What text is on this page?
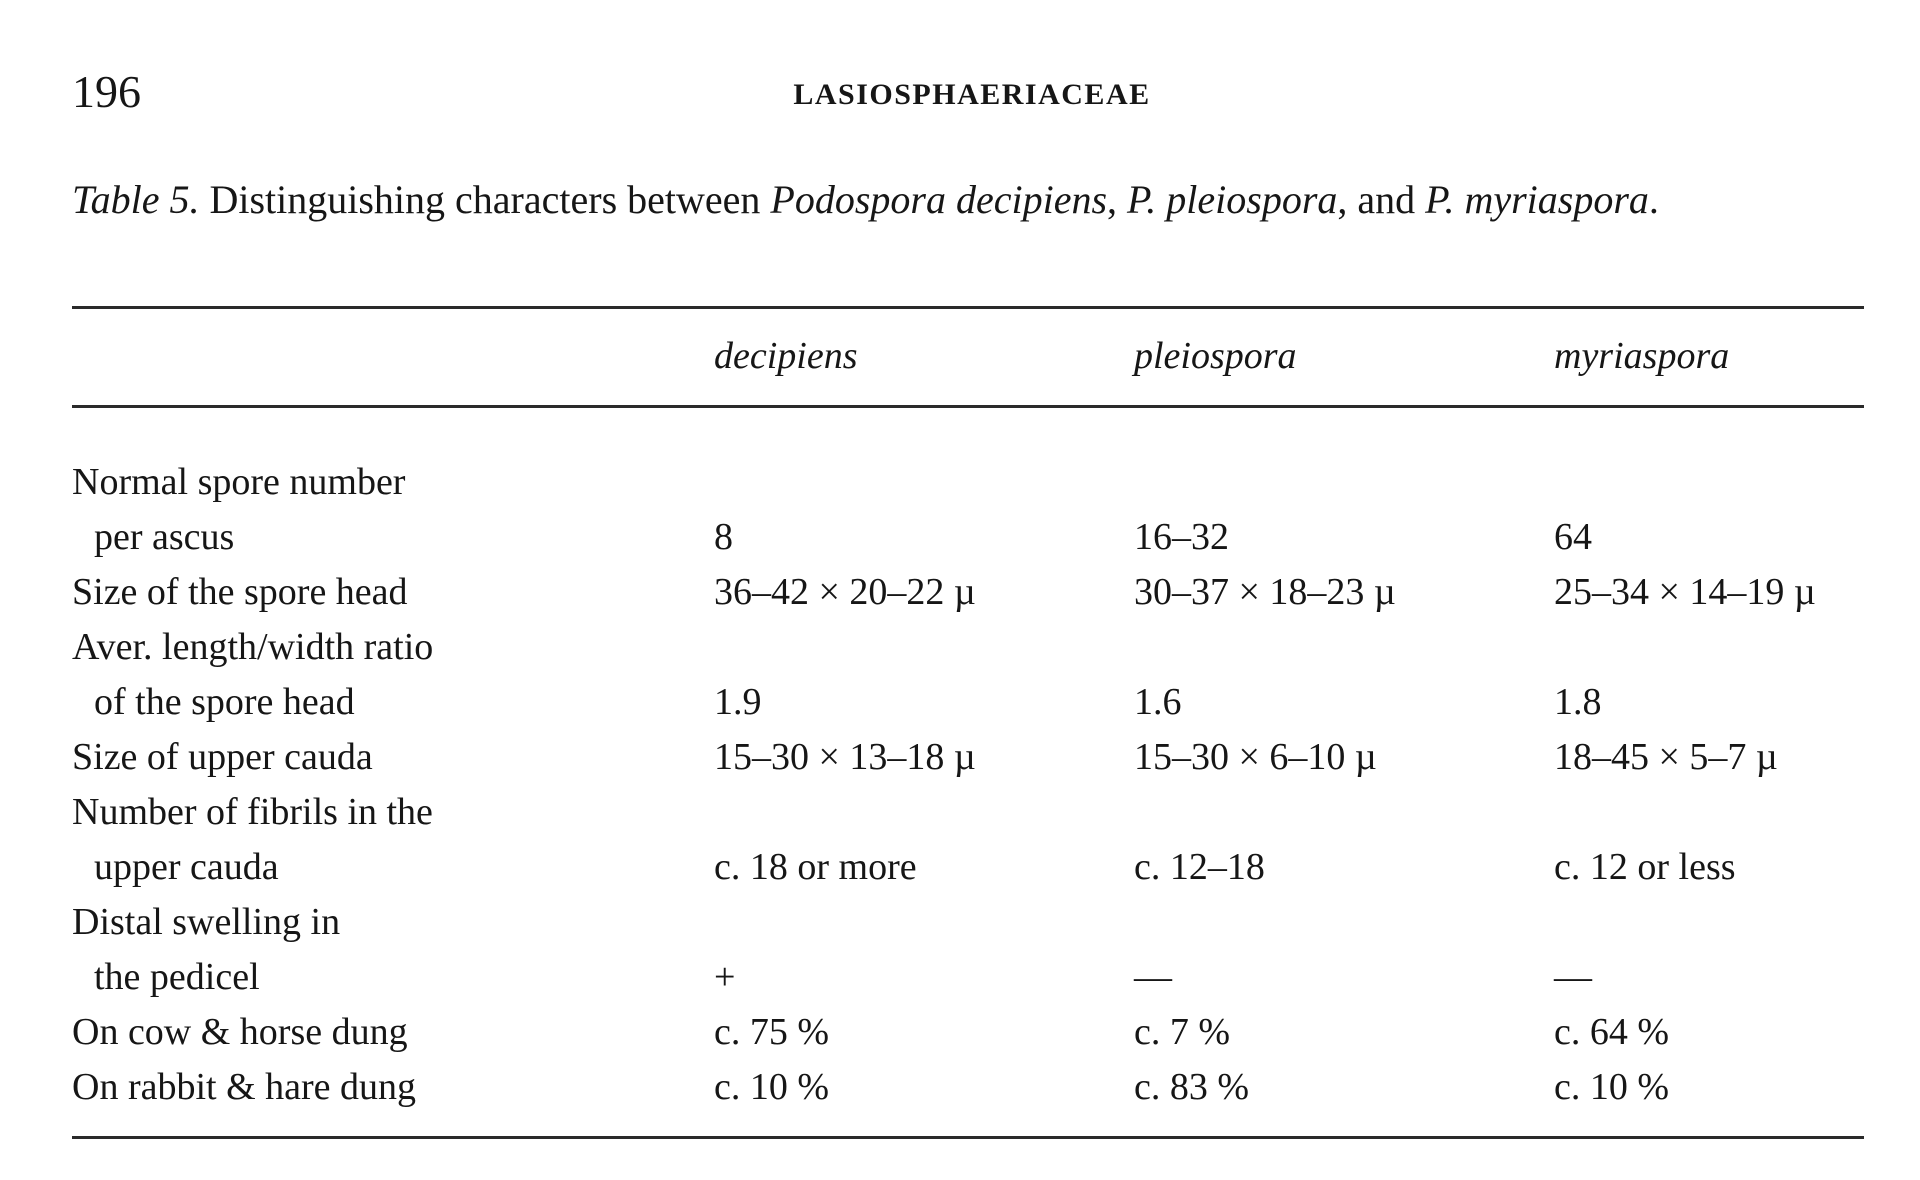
196	LASIOSPHAERIACEAE
Table 5. Distinguishing characters between Podospora decipiens, P. pleiospora, and P. myriaspora.
decipiens	pleiospora	myriaspora
Normal spore number
per ascus	8	16–32	64
Size of the spore head	36–42 × 20–22 µ	30–37 × 18–23 µ	25–34 × 14–19 µ
Aver. length/width ratio
of the spore head	1.9	1.6	1.8
Size of upper cauda	15–30 × 13–18 µ	15–30 × 6–10 µ	18–45 × 5–7 µ
Number of fibrils in the
upper cauda	c. 18 or more	c. 12–18	c. 12 or less
Distal swelling in
the pedicel	+	—	—
On cow & horse dung	c. 75 %	c. 7 %	c. 64 %
On rabbit & hare dung	c. 10 %	c. 83 %	c. 10 %
